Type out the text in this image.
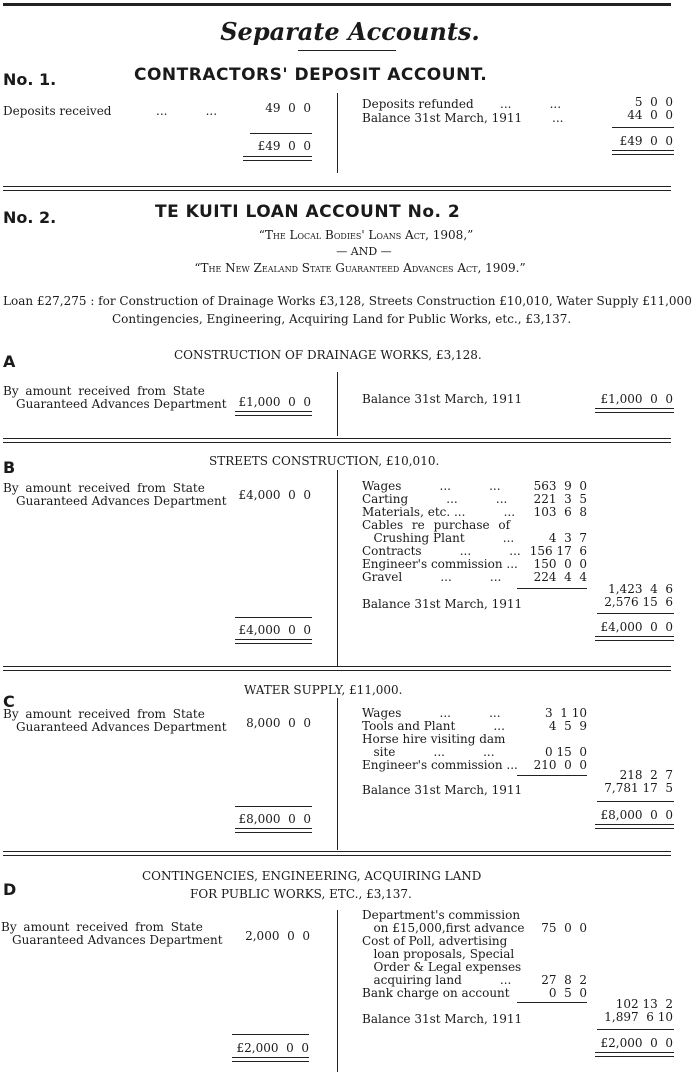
Separate Accounts.
No. 1.	CONTRACTORS' DEPOSIT ACCOUNT.
Deposits received	...          ...	49  0  0
£49  0  0
Deposits refunded ...          ...	5  0  0
Balance 31st March, 1911 ...	44  0  0
£49  0  0
No. 2.	TE KUITI LOAN ACCOUNT No. 2
“The Local Bodies' Loans Act, 1908,”
— AND —
“The New Zealand State Guaranteed Advances Act, 1909.”
Loan £27,275 : for Construction of Drainage Works £3,128, Streets Construction £10,010, Water Supply £11,000
Contingencies, Engineering, Acquiring Land for Public Works, etc., £3,137.
A	CONSTRUCTION OF DRAINAGE WORKS, £3,128.
By amount received from State
Guaranteed Advances Department £1,000  0  0	Balance 31st March, 1911	£1,000  0  0
B	STREETS CONSTRUCTION, £10,010.
By amount received from State
Guaranteed Advances Department £4,000  0  0
£4,000  0  0
Wages          ...          ...	563  9  0
Carting          ...          ... 221  3  5
Materials, etc. ...          ... 103  6  8
Cables re purchase of
Crushing Plant          ...	4  3  7
Contracts          ...          ... 156 17  6
Engineer's commission ... 150  0  0
Gravel          ...          ...	224  4  4
1,423  4  6
Balance 31st March, 1911	2,576 15  6
£4,000  0  0
C
WATER SUPPLY, £11,000.
By amount received from State
Guaranteed Advances Department 8,000  0  0
£8,000  0  0
Wages          ...          ...	3  1 10
Tools and Plant          ...	4  5  9
Horse hire visiting dam
site          ...          ...	0 15  0
Engineer's commission ... 210  0  0
218  2  7
Balance 31st March, 1911	7,781 17  5
£8,000  0  0
D
CONTINGENCIES, ENGINEERING, ACQUIRING LAND
FOR PUBLIC WORKS, ETC., £3,137.
By amount received from State
Guaranteed Advances Department 2,000  0  0
£2,000  0  0
Department's commission
on £15,000,first advance 75  0  0
Cost of Poll, advertising
loan proposals, Special
Order & Legal expenses
acquiring land          ... 27  8  2
Bank charge on account	0  5  0
102 13  2
Balance 31st March, 1911	1,897  6 10
£2,000  0  0
